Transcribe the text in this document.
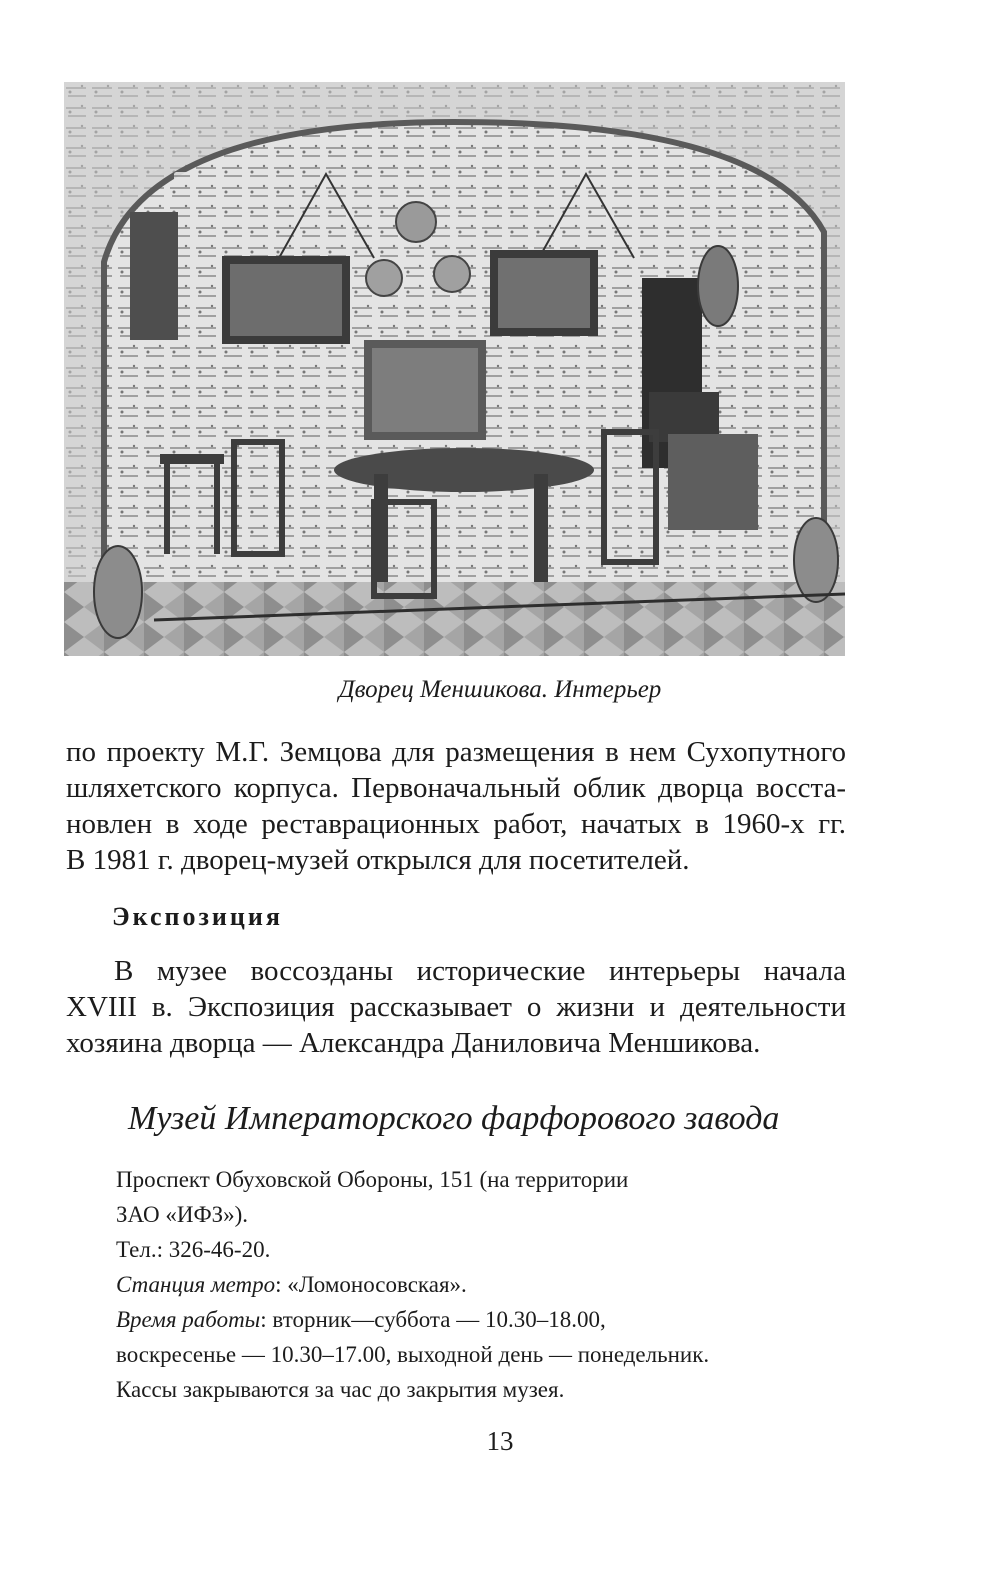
Дворец Меншикова. Интерьер

по проекту М.Г. Земцова для размещения в нем Сухопутного
шляхетского корпуса. Первоначальный облик дворца восста-
новлен в ходе реставрационных работ, начатых в 1960-х гг.
В 1981 г. дворец-музей открылся для посетителей.

Экспозиция

В музее воссозданы исторические интерьеры начала
XVIII в. Экспозиция рассказывает о жизни и деятельности
хозяина дворца — Александра Даниловича Меншикова.

Музей Императорского фарфорового завода
Проспект Обуховской Обороны, 151 (на территории
ЗАО «ИФЗ»).
Тел.: 326-46-20.
Станция метро: «Ломоносовская».
Время работы: вторник—суббота — 10.30–18.00,
воскресенье — 10.30–17.00, выходной день — понедельник.
Кассы закрываются за час до закрытия музея.

13
